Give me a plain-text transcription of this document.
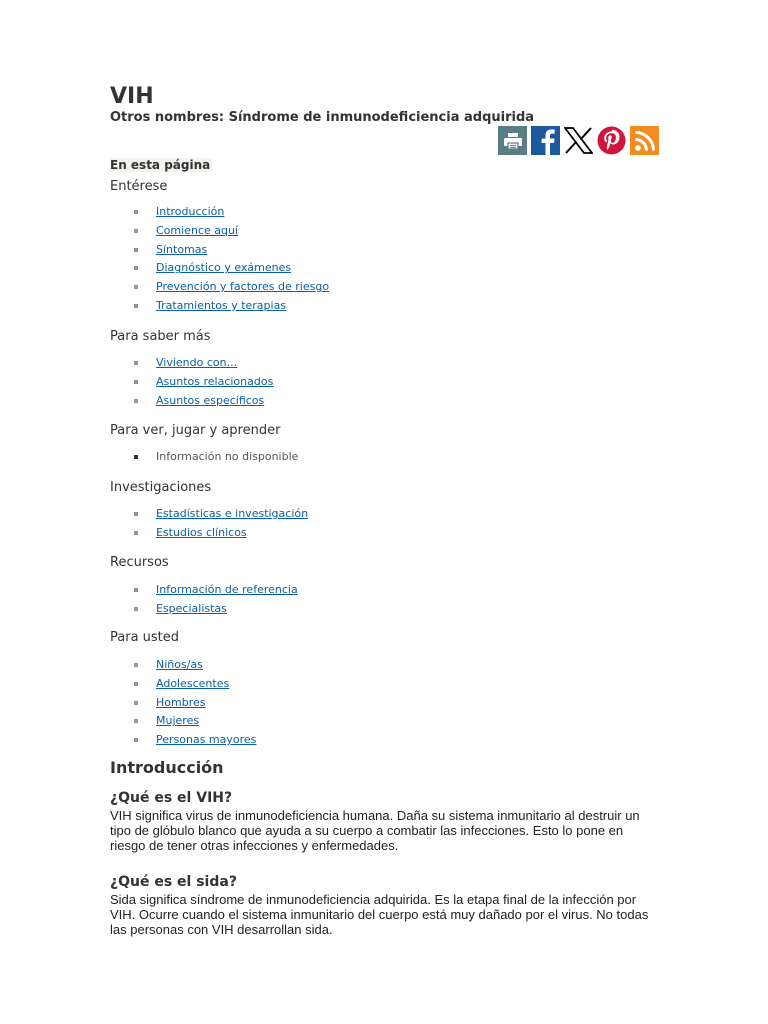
VIH
Otros nombres: Síndrome de inmunodeficiencia adquirida
En esta página
Entérese
Introducción
Comience aquí
Síntomas
Diagnóstico y exámenes
Prevención y factores de riesgo
Tratamientos y terapias
Para saber más
Viviendo con...
Asuntos relacionados
Asuntos específicos
Para ver, jugar y aprender
Información no disponible
Investigaciones
Estadísticas e investigación
Estudios clínicos
Recursos
Información de referencia
Especialistas
Para usted
Niños/as
Adolescentes
Hombres
Mujeres
Personas mayores
Introducción
¿Qué es el VIH?

VIH significa virus de inmunodeficiencia humana. Daña su sistema inmunitario al destruir un tipo de glóbulo blanco que ayuda a su cuerpo a combatir las infecciones. Esto lo pone en riesgo de tener otras infecciones y enfermedades.

¿Qué es el sida?

Sida significa síndrome de inmunodeficiencia adquirida. Es la etapa final de la infección por VIH. Ocurre cuando el sistema inmunitario del cuerpo está muy dañado por el virus. No todas las personas con VIH desarrollan sida.
